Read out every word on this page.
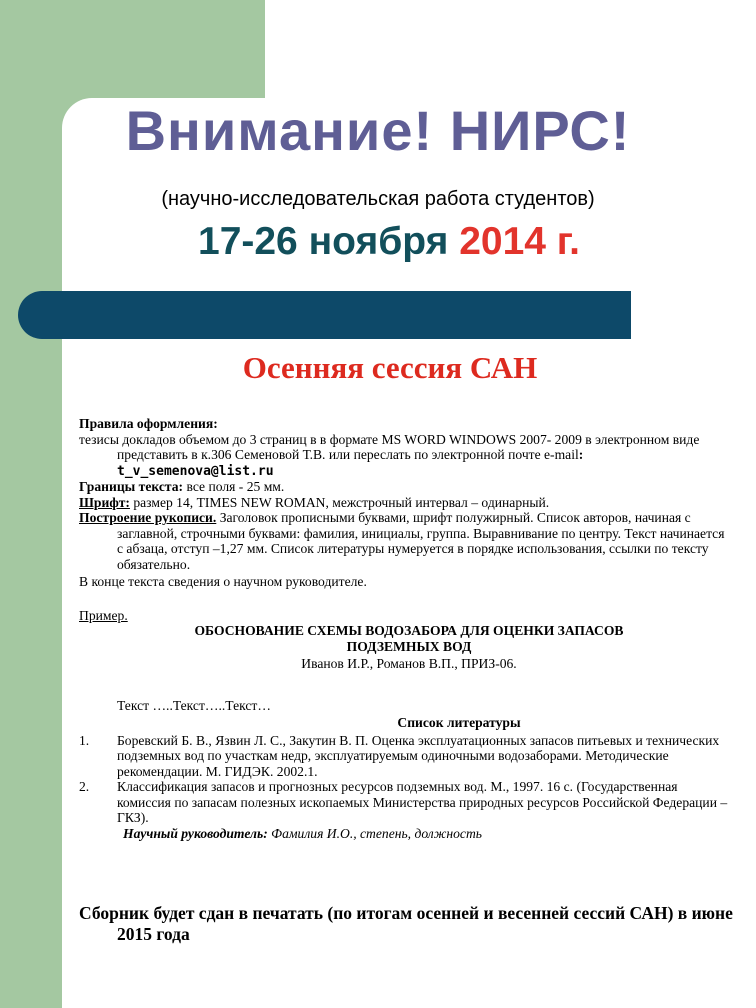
Внимание! НИРС!
(научно-исследовательская работа студентов)
17-26 ноября 2014 г.
Осенняя сессия САН

Правила оформления:

тезисы докладов объемом до 3 страниц в в формате MS WORD WINDOWS 2007- 2009 в электронном виде представить в к.306 Семеновой Т.В. или переслать по электронной почте e-mail: t_v_semenova@list.ru

Границы текста: все поля - 25 мм.

Шрифт: размер 14, TIMES NEW ROMAN, межстрочный интервал – одинарный.

Построение рукописи. Заголовок прописными буквами, шрифт полужирный. Список авторов, начиная с заглавной, строчными буквами: фамилия, инициалы, группа. Выравнивание по центру. Текст начинается с абзаца, отступ –1,27 мм. Список литературы нумеруется в порядке использования, ссылки по тексту обязательно.

В конце текста сведения о научном руководителе.

Пример.

ОБОСНОВАНИЕ СХЕМЫ ВОДОЗАБОРА ДЛЯ ОЦЕНКИ ЗАПАСОВ

ПОДЗЕМНЫХ ВОД

Иванов И.Р., Романов В.П., ПРИЗ-06.

Текст …..Текст…..Текст…

Список литературы

1. Боревский Б. В., Язвин Л. С., Закутин В. П. Оценка эксплуатационных запасов питьевых и технических подземных вод по участкам недр, эксплуатируемым одиночными водозаборами. Методические рекомендации. М. ГИДЭК. 2002.1.

2. Классификация запасов и прогнозных ресурсов подземных вод. М., 1997. 16 с. (Государственная комиссия по запасам полезных ископаемых Министерства природных ресурсов Российской Федерации – ГКЗ).

Научный руководитель: Фамилия И.О., степень, должность

Сборник будет сдан в печатать (по итогам осенней и весенней сессий САН) в июне 2015 года
